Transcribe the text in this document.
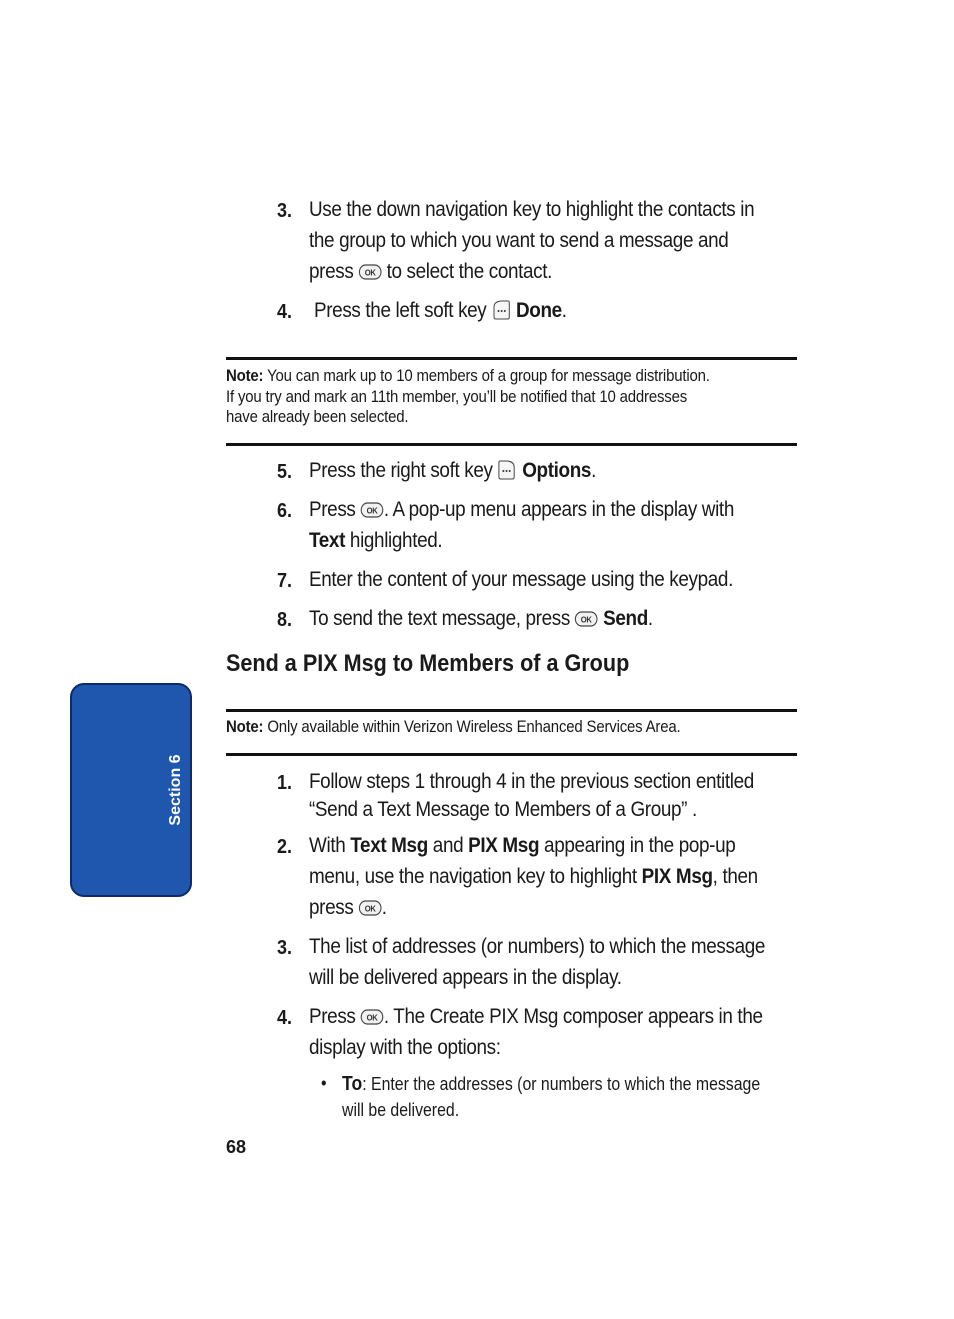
Section 6
3. Use the down navigation key to highlight the contacts in
the group to which you want to send a message and
press  to select the contact.
4. Press the left soft key  Done.
Note: You can mark up to 10 members of a group for message distribution.
If you try and mark an 11th member, you’ll be notified that 10 addresses
have already been selected.
5. Press the right soft key  Options.
6. Press . A pop-up menu appears in the display with
Text highlighted.
7. Enter the content of your message using the keypad.
8. To send the text message, press  Send.
Send a PIX Msg to Members of a Group
Note: Only available within Verizon Wireless Enhanced Services Area.
1. Follow steps 1 through 4 in the previous section entitled
“Send a Text Message to Members of a Group” .
2. With Text Msg and PIX Msg appearing in the pop-up
menu, use the navigation key to highlight PIX Msg, then
press .
3. The list of addresses (or numbers) to which the message
will be delivered appears in the display.
4. Press . The Create PIX Msg composer appears in the
display with the options:
• To: Enter the addresses (or numbers to which the message
will be delivered.
68
